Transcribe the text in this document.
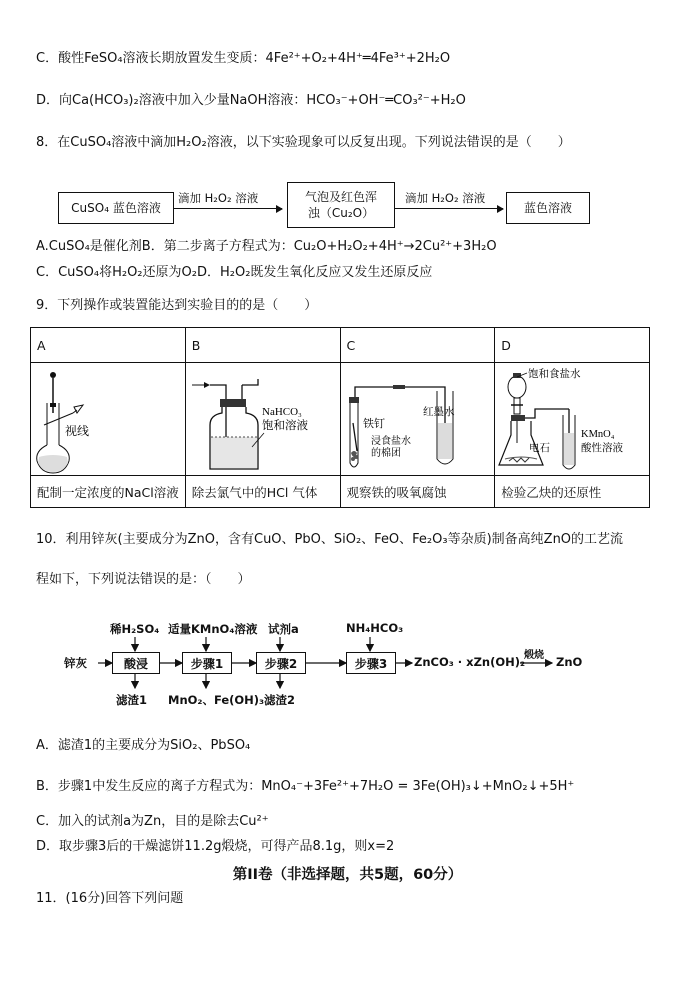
C．酸性FeSO₄溶液长期放置发生变质：4Fe²⁺+O₂+4H⁺═4Fe³⁺+2H₂O
D．向Ca(HCO₃)₂溶液中加入少量NaOH溶液：HCO₃⁻+OH⁻═CO₃²⁻+H₂O
8．在CuSO₄溶液中滴加H₂O₂溶液，以下实验现象可以反复出现。下列说法错误的是（　　）
CuSO₄ 蓝色溶液
滴加 H₂O₂ 溶液	气泡及红色浑
浊（Cu₂O）
滴加 H₂O₂ 溶液
蓝色溶液
A.CuSO₄是催化剂B．第二步离子方程式为：Cu₂O+H₂O₂+4H⁺→2Cu²⁺+3H₂O
C．CuSO₄将H₂O₂还原为O₂D．H₂O₂既发生氧化反应又发生还原反应
9．下列操作或装置能达到实验目的的是（　　）
A	B	C	D

视线	NaHCO₃
饱和溶液	铁钉
浸食盐水
的棉团
红墨水	饱和食盐水
电石
KMnO₄
酸性溶液

配制一定浓度的NaCl溶液	除去氯气中的HCl 气体	观察铁的吸氧腐蚀	检验乙炔的还原性
10．利用锌灰(主要成分为ZnO，含有CuO、PbO、SiO₂、FeO、Fe₂O₃等杂质)制备高纯ZnO的工艺流
程如下，下列说法错误的是：（　　）
稀H₂SO₄ 适量KMnO₄溶液 试剂a	NH₄HCO₃
锌灰	酸浸	步骤1	步骤2	步骤3	ZnCO₃ · xZn(OH)₂
煅烧 ZnO
滤渣1 MnO₂、Fe(OH)₃ 滤渣2
A．滤渣1的主要成分为SiO₂、PbSO₄
B．步骤1中发生反应的离子方程式为：MnO₄⁻+3Fe²⁺+7H₂O = 3Fe(OH)₃↓+MnO₂↓+5H⁺
C．加入的试剂a为Zn，目的是除去Cu²⁺
D．取步骤3后的干燥滤饼11.2g煅烧，可得产品8.1g，则x=2
第II卷（非选择题，共5题，60分）
11．(16分)回答下列问题
